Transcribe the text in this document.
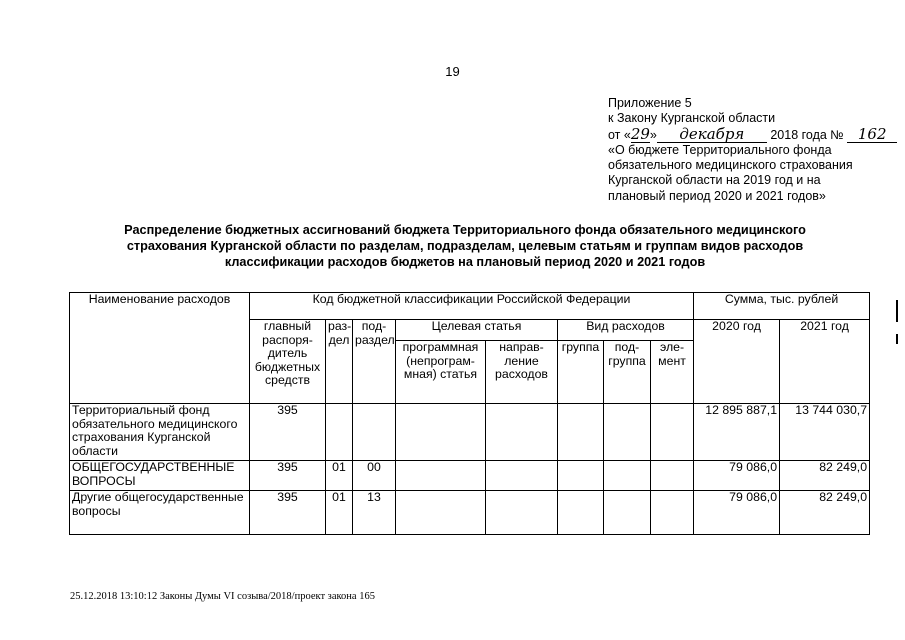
19
Приложение 5
к Закону Курганской области
от «29» декабря 2018 года № 162
«О бюджете Территориального фонда
обязательного медицинского страхования
Курганской области на 2019 год и на
плановый период 2020 и 2021 годов»
Распределение бюджетных ассигнований бюджета Территориального фонда обязательного медицинского
страхования Курганской области по разделам, подразделам, целевым статьям и группам видов расходов
классификации расходов бюджетов на плановый период 2020 и 2021 годов
Наименование расходов	Код бюджетной классификации Российской Федерации								Сумма, тыс. рублей	
	главный распоря-дитель бюджетных средств	раз-дел	под-раздел	Целевая статья		Вид расходов			2020 год	2021 год
				программная (непрограм-мная) статья	направ-ление расходов	группа	под-группа	эле-мент		
Территориальный фонд обязательного медицинского страхования Курганской области	395								12 895 887,1	13 744 030,7
ОБЩЕГОСУДАРСТВЕННЫЕ ВОПРОСЫ	395	01	00						79 086,0	82 249,0
Другие общегосударственные вопросы	395	01	13						79 086,0	82 249,0
25.12.2018 13:10:12 Законы Думы VI созыва/2018/проект закона 165
